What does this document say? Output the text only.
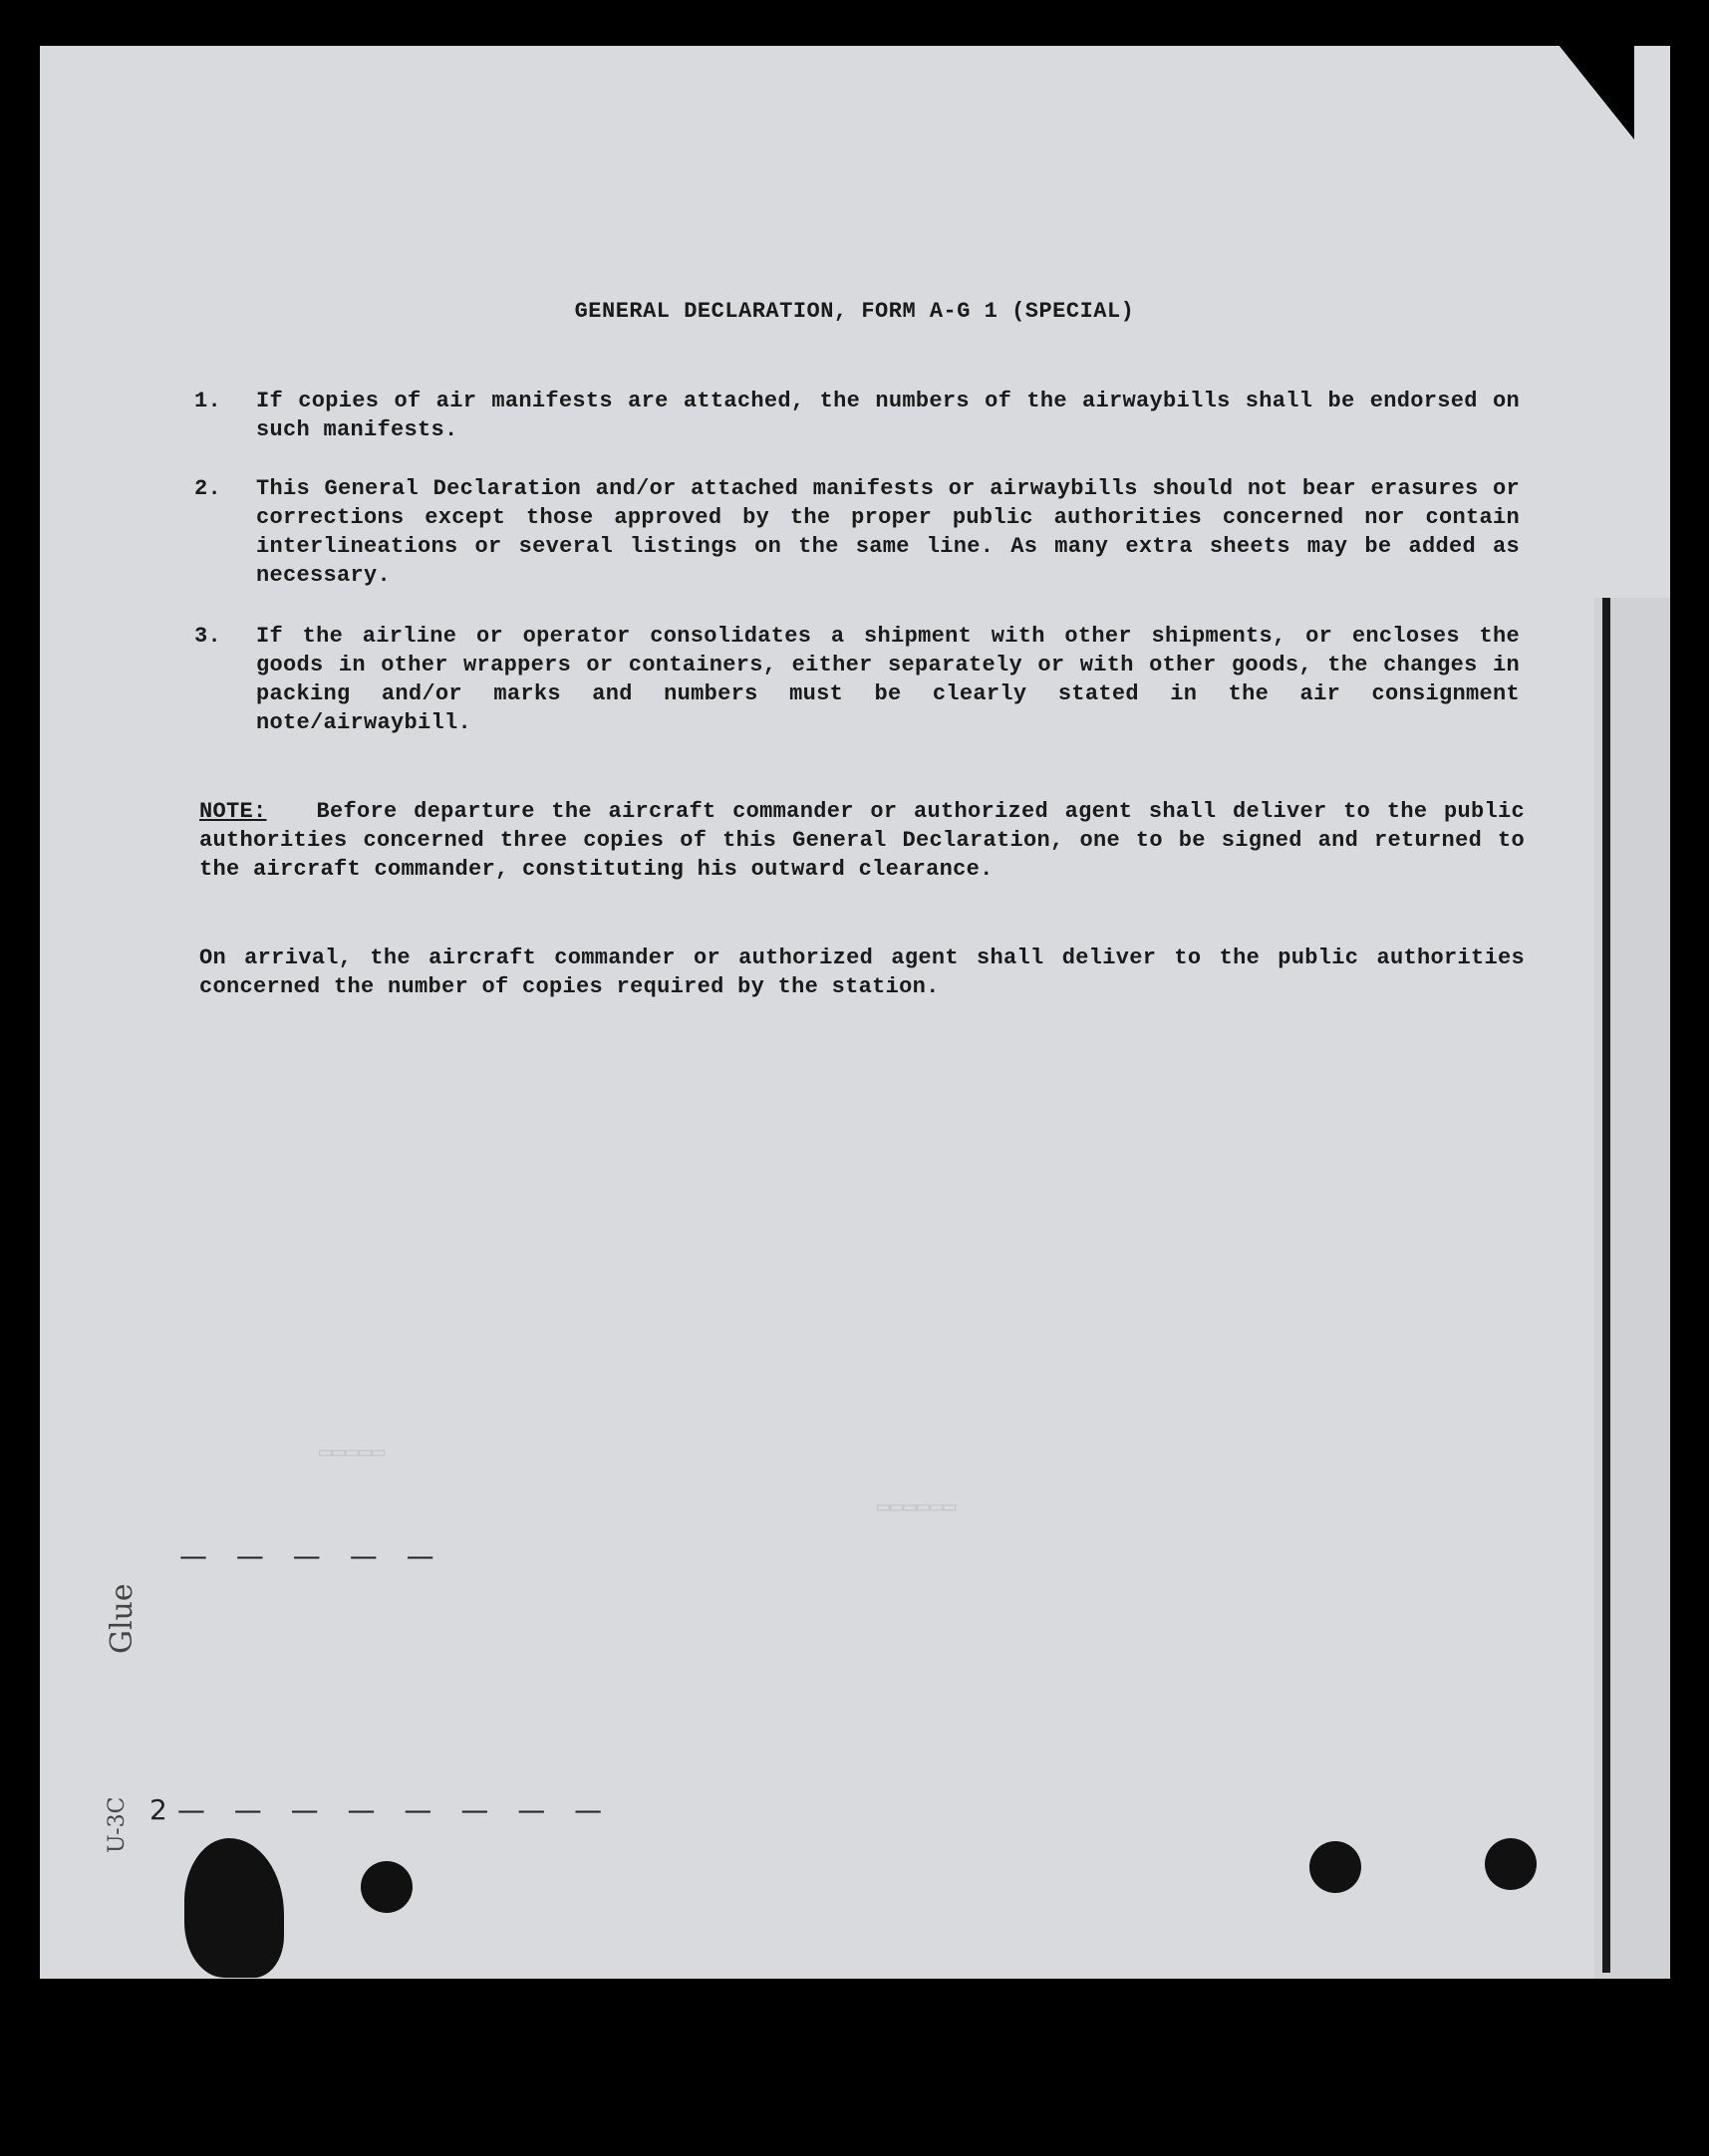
GENERAL DECLARATION, FORM A-G 1 (SPECIAL)
1.	If copies of air manifests are attached, the numbers of the airwaybills shall be endorsed on such manifests.
2.	This General Declaration and/or attached manifests or airwaybills should not bear erasures or corrections except those approved by the proper public authorities concerned nor contain interlineations or several listings on the same line. As many extra sheets may be added as necessary.
3.	If the airline or operator consolidates a shipment with other shipments, or encloses the goods in other wrappers or containers, either separately or with other goods, the changes in packing and/or marks and numbers must be clearly stated in the air consignment note/airwaybill.
NOTE: Before departure the aircraft commander or authorized agent shall deliver to the public authorities concerned three copies of this General Declaration, one to be signed and returned to the aircraft commander, constituting his outward clearance.
On arrival, the aircraft commander or authorized agent shall deliver to the public authorities concerned the number of copies required by the station.
▭▭▭▭▭
▭▭▭▭▭▭
Glue
U-3C
— — — — —
2— — — — — — — —
